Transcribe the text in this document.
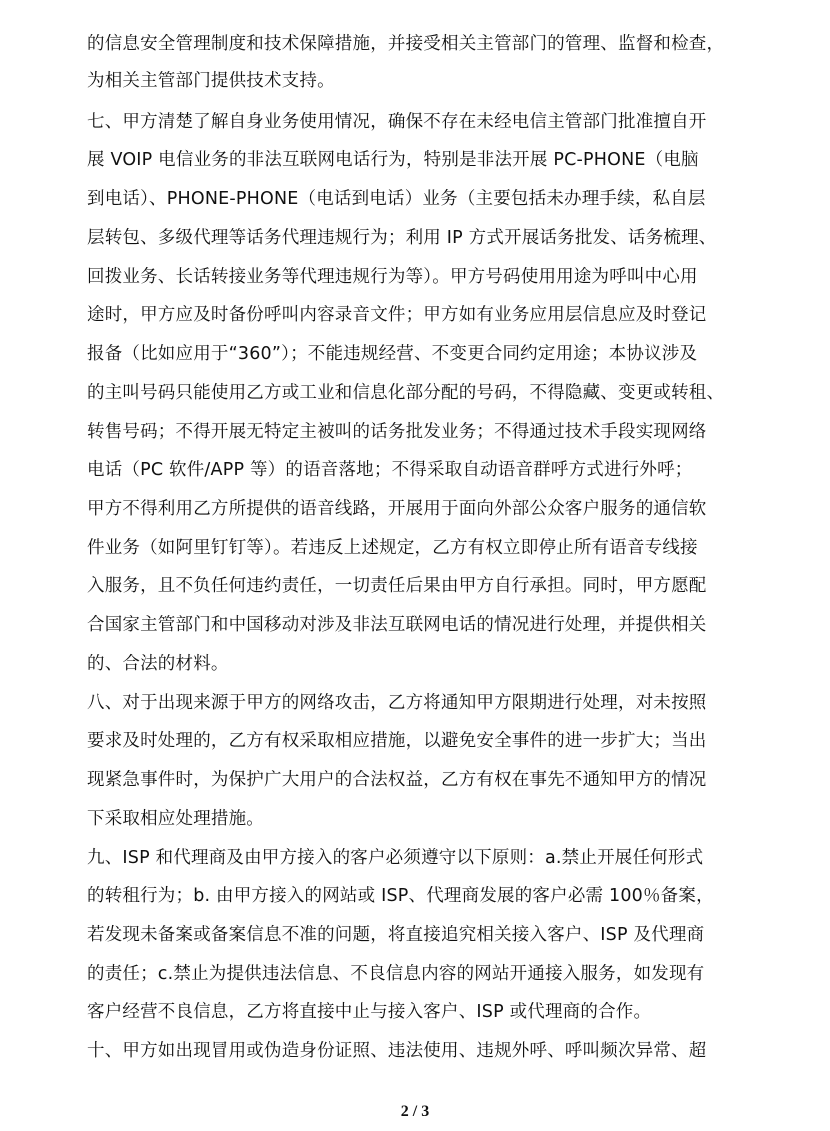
的信息安全管理制度和技术保障措施，并接受相关主管部门的管理、监督和检查，
为相关主管部门提供技术支持。
七、甲方清楚了解自身业务使用情况，确保不存在未经电信主管部门批准擅自开
展 VOIP 电信业务的非法互联网电话行为，特别是非法开展 PC-PHONE（电脑
到电话）、PHONE-PHONE（电话到电话）业务（主要包括未办理手续，私自层
层转包、多级代理等话务代理违规行为；利用 IP 方式开展话务批发、话务梳理、
回拨业务、长话转接业务等代理违规行为等）。甲方号码使用用途为呼叫中心用
途时，甲方应及时备份呼叫内容录音文件；甲方如有业务应用层信息应及时登记
报备（比如应用于“360”）；不能违规经营、不变更合同约定用途；本协议涉及
的主叫号码只能使用乙方或工业和信息化部分配的号码，不得隐藏、变更或转租、
转售号码；不得开展无特定主被叫的话务批发业务；不得通过技术手段实现网络
电话（PC 软件/APP 等）的语音落地；不得采取自动语音群呼方式进行外呼；
甲方不得利用乙方所提供的语音线路，开展用于面向外部公众客户服务的通信软
件业务（如阿里钉钉等）。若违反上述规定，乙方有权立即停止所有语音专线接
入服务，且不负任何违约责任，一切责任后果由甲方自行承担。同时，甲方愿配
合国家主管部门和中国移动对涉及非法互联网电话的情况进行处理，并提供相关
的、合法的材料。
八、对于出现来源于甲方的网络攻击，乙方将通知甲方限期进行处理，对未按照
要求及时处理的，乙方有权采取相应措施，以避免安全事件的进一步扩大；当出
现紧急事件时，为保护广大用户的合法权益，乙方有权在事先不通知甲方的情况
下采取相应处理措施。
九、ISP 和代理商及由甲方接入的客户必须遵守以下原则：a.禁止开展任何形式
的转租行为；b. 由甲方接入的网站或 ISP、代理商发展的客户必需 100％备案，
若发现未备案或备案信息不准的问题，将直接追究相关接入客户、ISP 及代理商
的责任；c.禁止为提供违法信息、不良信息内容的网站开通接入服务，如发现有
客户经营不良信息，乙方将直接中止与接入客户、ISP 或代理商的合作。
十、甲方如出现冒用或伪造身份证照、违法使用、违规外呼、呼叫频次异常、超
2 / 3
